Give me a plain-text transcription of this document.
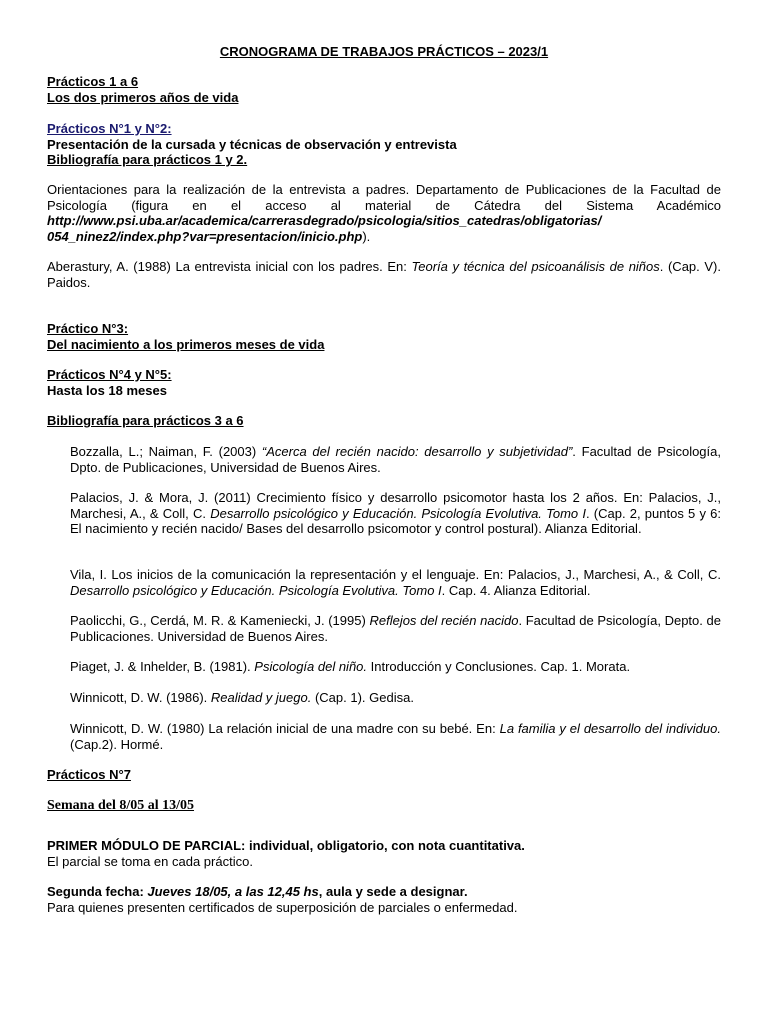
CRONOGRAMA DE TRABAJOS PRÁCTICOS – 2023/1

Prácticos 1 a 6
Los dos primeros años de vida
Prácticos N°1 y N°2:
Presentación de la cursada y técnicas de observación y entrevista
Bibliografía para prácticos 1 y 2.

Orientaciones para la realización de la entrevista a padres. Departamento de Publicaciones de la Facultad de Psicología (figura en el acceso al material de Cátedra del Sistema Académico http://www.psi.uba.ar/academica/carrerasdegrado/psicologia/sitios_catedras/obligatorias/ 054_ninez2/index.php?var=presentacion/inicio.php).

Aberastury, A. (1988) La entrevista inicial con los padres. En: Teoría y técnica del psicoanálisis de niños. (Cap. V). Paidos.

Práctico N°3:
Del nacimiento a los primeros meses de vida
Prácticos N°4 y N°5:
Hasta los 18 meses

Bibliografía para prácticos 3 a 6

Bozzalla, L.; Naiman, F. (2003) “Acerca del recién nacido: desarrollo y subjetividad”. Facultad de Psicología, Dpto. de Publicaciones, Universidad de Buenos Aires.

Palacios, J. & Mora, J. (2011) Crecimiento físico y desarrollo psicomotor hasta los 2 años. En: Palacios, J., Marchesi, A., & Coll, C. Desarrollo psicológico y Educación. Psicología Evolutiva. Tomo I. (Cap. 2, puntos 5 y 6: El nacimiento y recién nacido/ Bases del desarrollo psicomotor y control postural). Alianza Editorial.

Vila, I. Los inicios de la comunicación la representación y el lenguaje. En: Palacios, J., Marchesi, A., & Coll, C. Desarrollo psicológico y Educación. Psicología Evolutiva. Tomo I. Cap. 4. Alianza Editorial.

Paolicchi, G., Cerdá, M. R. & Kameniecki, J. (1995) Reflejos del recién nacido. Facultad de Psicología, Depto. de Publicaciones. Universidad de Buenos Aires.

Piaget, J. & Inhelder, B. (1981). Psicología del niño. Introducción y Conclusiones. Cap. 1. Morata.

Winnicott, D. W. (1986). Realidad y juego. (Cap. 1). Gedisa.

Winnicott, D. W. (1980) La relación inicial de una madre con su bebé. En: La familia y el desarrollo del individuo. (Cap.2). Hormé.

Prácticos N°7

Semana del 8/05 al 13/05

PRIMER MÓDULO DE PARCIAL: individual, obligatorio, con nota cuantitativa.
El parcial se toma en cada práctico.
Segunda fecha: Jueves 18/05, a las 12,45 hs, aula y sede a designar.
Para quienes presenten certificados de superposición de parciales o enfermedad.
